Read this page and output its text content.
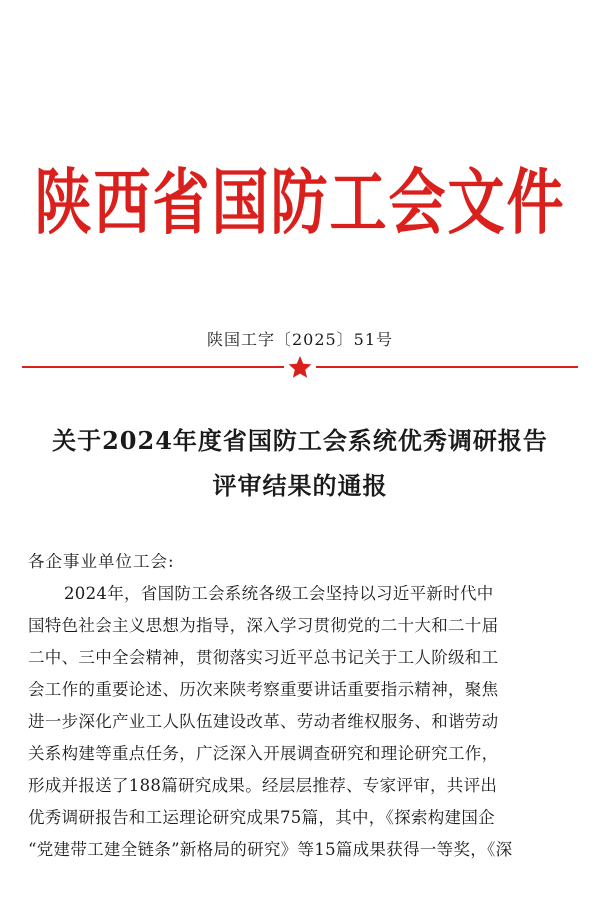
陕西省国防工会文件
陕国工字〔2025〕51号
关于2024年度省国防工会系统优秀调研报告
评审结果的通报
各企事业单位工会:
2024年，省国防工会系统各级工会坚持以习近平新时代中
国特色社会主义思想为指导，深入学习贯彻党的二十大和二十届
二中、三中全会精神，贯彻落实习近平总书记关于工人阶级和工
会工作的重要论述、历次来陕考察重要讲话重要指示精神，聚焦
进一步深化产业工人队伍建设改革、劳动者维权服务、和谐劳动
关系构建等重点任务，广泛深入开展调查研究和理论研究工作，
形成并报送了188篇研究成果。经层层推荐、专家评审，共评出
优秀调研报告和工运理论研究成果75篇，其中，《探索构建国企
“党建带工建全链条”新格局的研究》等15篇成果获得一等奖，《深
